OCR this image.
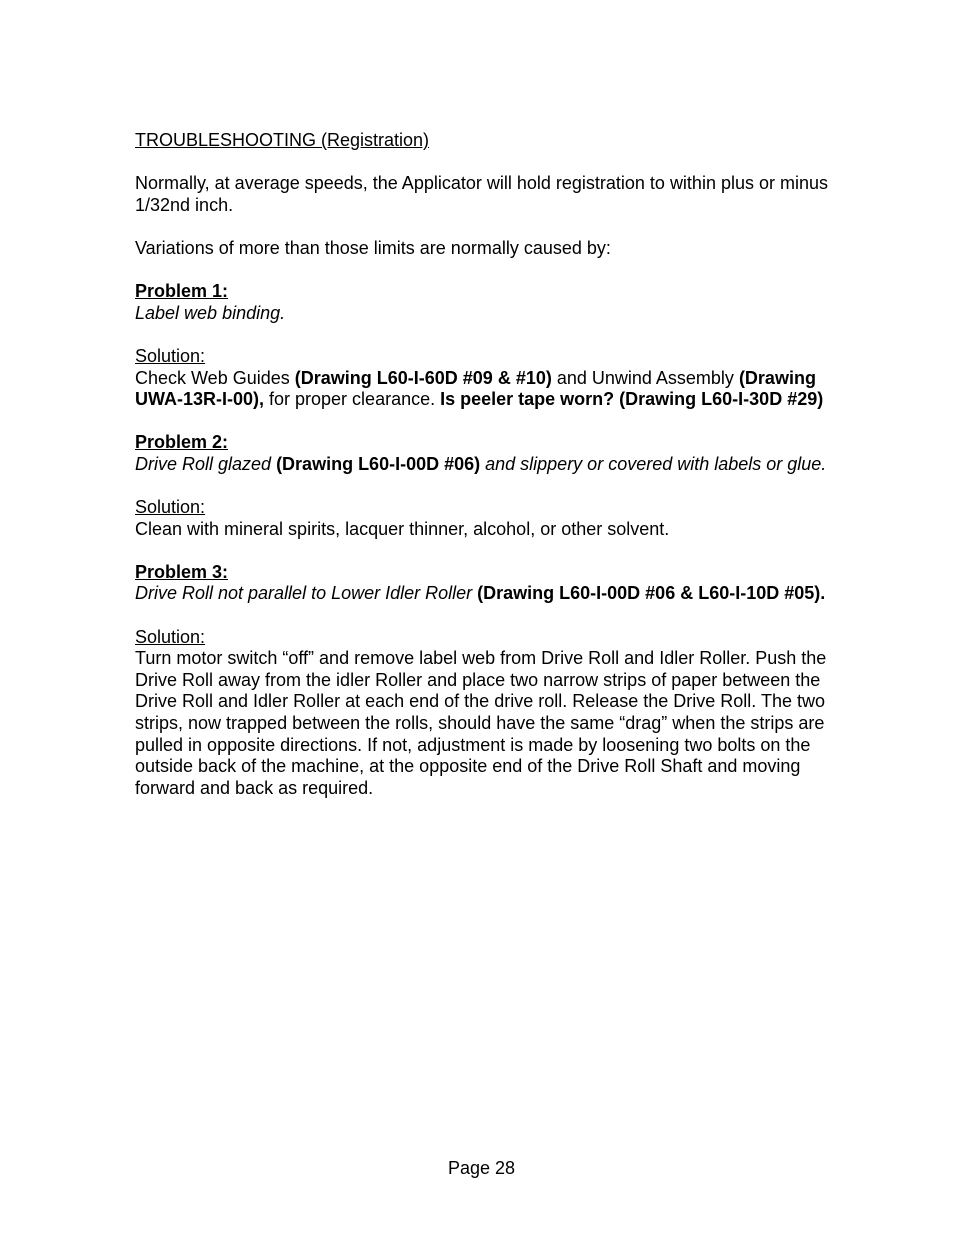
TROUBLESHOOTING (Registration)

Normally, at average speeds, the Applicator will hold registration to within plus or minus 1/32nd inch.

Variations of more than those limits are normally caused by:

Problem 1:

Label web binding.

Solution:

Check Web Guides (Drawing L60-I-60D #09 & #10) and Unwind Assembly (Drawing UWA-13R-I-00), for proper clearance. Is peeler tape worn? (Drawing L60-I-30D #29)

Problem 2:

Drive Roll glazed (Drawing L60-I-00D #06) and slippery or covered with labels or glue.

Solution:

Clean with mineral spirits, lacquer thinner, alcohol, or other solvent.

Problem 3:

Drive Roll not parallel to Lower Idler Roller (Drawing L60-I-00D #06 & L60-I-10D #05).

Solution:

Turn motor switch “off” and remove label web from Drive Roll and Idler Roller. Push the Drive Roll away from the idler Roller and place two narrow strips of paper between the Drive Roll and Idler Roller at each end of the drive roll. Release the Drive Roll. The two strips, now trapped between the rolls, should have the same “drag” when the strips are pulled in opposite directions. If not, adjustment is made by loosening two bolts on the outside back of the machine, at the opposite end of the Drive Roll Shaft and moving forward and back as required.

Page 28
